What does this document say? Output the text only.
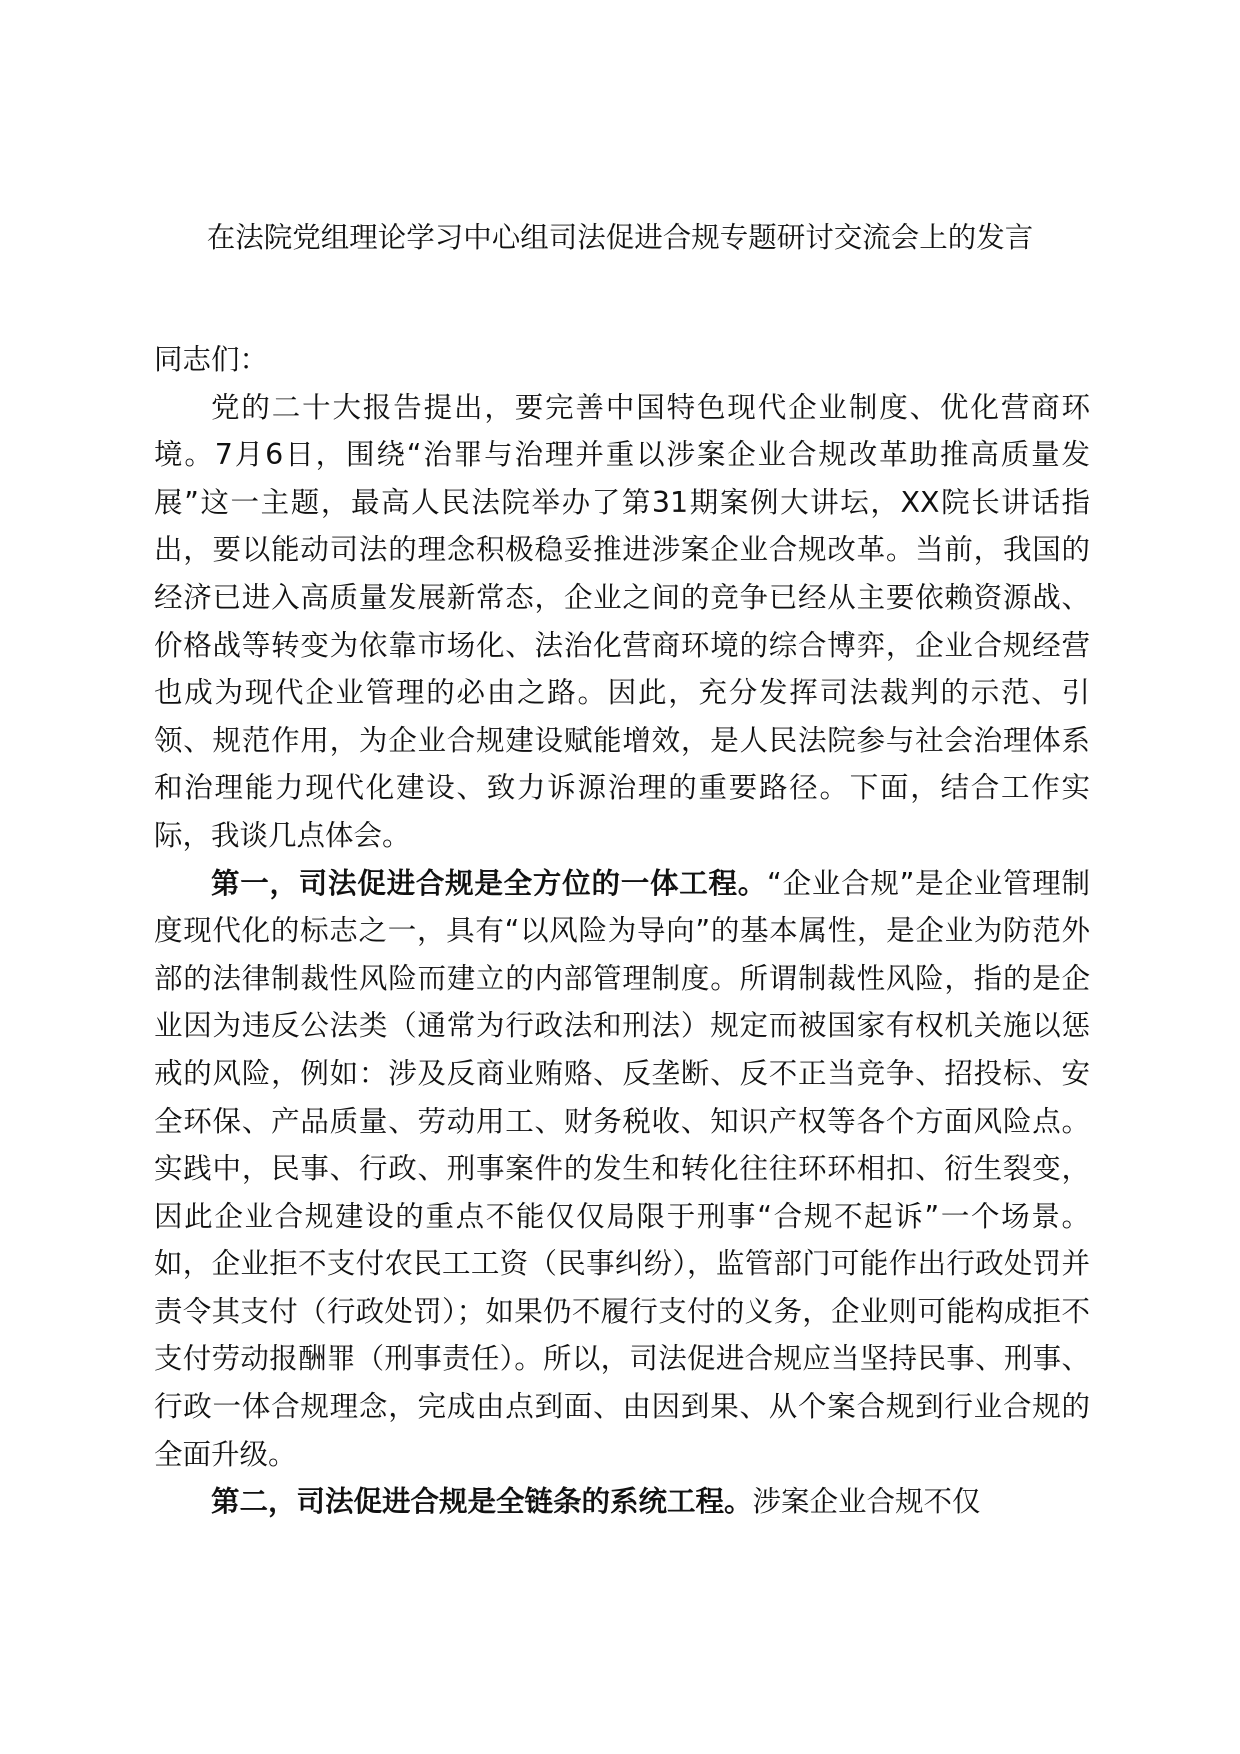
在法院党组理论学习中心组司法促进合规专题研讨交流会上的发言

同志们：

党的二十大报告提出，要完善中国特色现代企业制度、优化营商环境。7月6日，围绕“治罪与治理并重以涉案企业合规改革助推高质量发展”这一主题，最高人民法院举办了第31期案例大讲坛，XX院长讲话指出，要以能动司法的理念积极稳妥推进涉案企业合规改革。当前，我国的经济已进入高质量发展新常态，企业之间的竞争已经从主要依赖资源战、价格战等转变为依靠市场化、法治化营商环境的综合博弈，企业合规经营也成为现代企业管理的必由之路。因此，充分发挥司法裁判的示范、引领、规范作用，为企业合规建设赋能增效，是人民法院参与社会治理体系和治理能力现代化建设、致力诉源治理的重要路径。下面，结合工作实际，我谈几点体会。

第一，司法促进合规是全方位的一体工程。“企业合规”是企业管理制度现代化的标志之一，具有“以风险为导向”的基本属性，是企业为防范外部的法律制裁性风险而建立的内部管理制度。所谓制裁性风险，指的是企业因为违反公法类（通常为行政法和刑法）规定而被国家有权机关施以惩戒的风险，例如：涉及反商业贿赂、反垄断、反不正当竞争、招投标、安全环保、产品质量、劳动用工、财务税收、知识产权等各个方面风险点。实践中，民事、行政、刑事案件的发生和转化往往环环相扣、衍生裂变，因此企业合规建设的重点不能仅仅局限于刑事“合规不起诉”一个场景。如，企业拒不支付农民工工资（民事纠纷），监管部门可能作出行政处罚并责令其支付（行政处罚）；如果仍不履行支付的义务，企业则可能构成拒不支付劳动报酬罪（刑事责任）。所以，司法促进合规应当坚持民事、刑事、行政一体合规理念，完成由点到面、由因到果、从个案合规到行业合规的全面升级。

第二，司法促进合规是全链条的系统工程。涉案企业合规不仅
